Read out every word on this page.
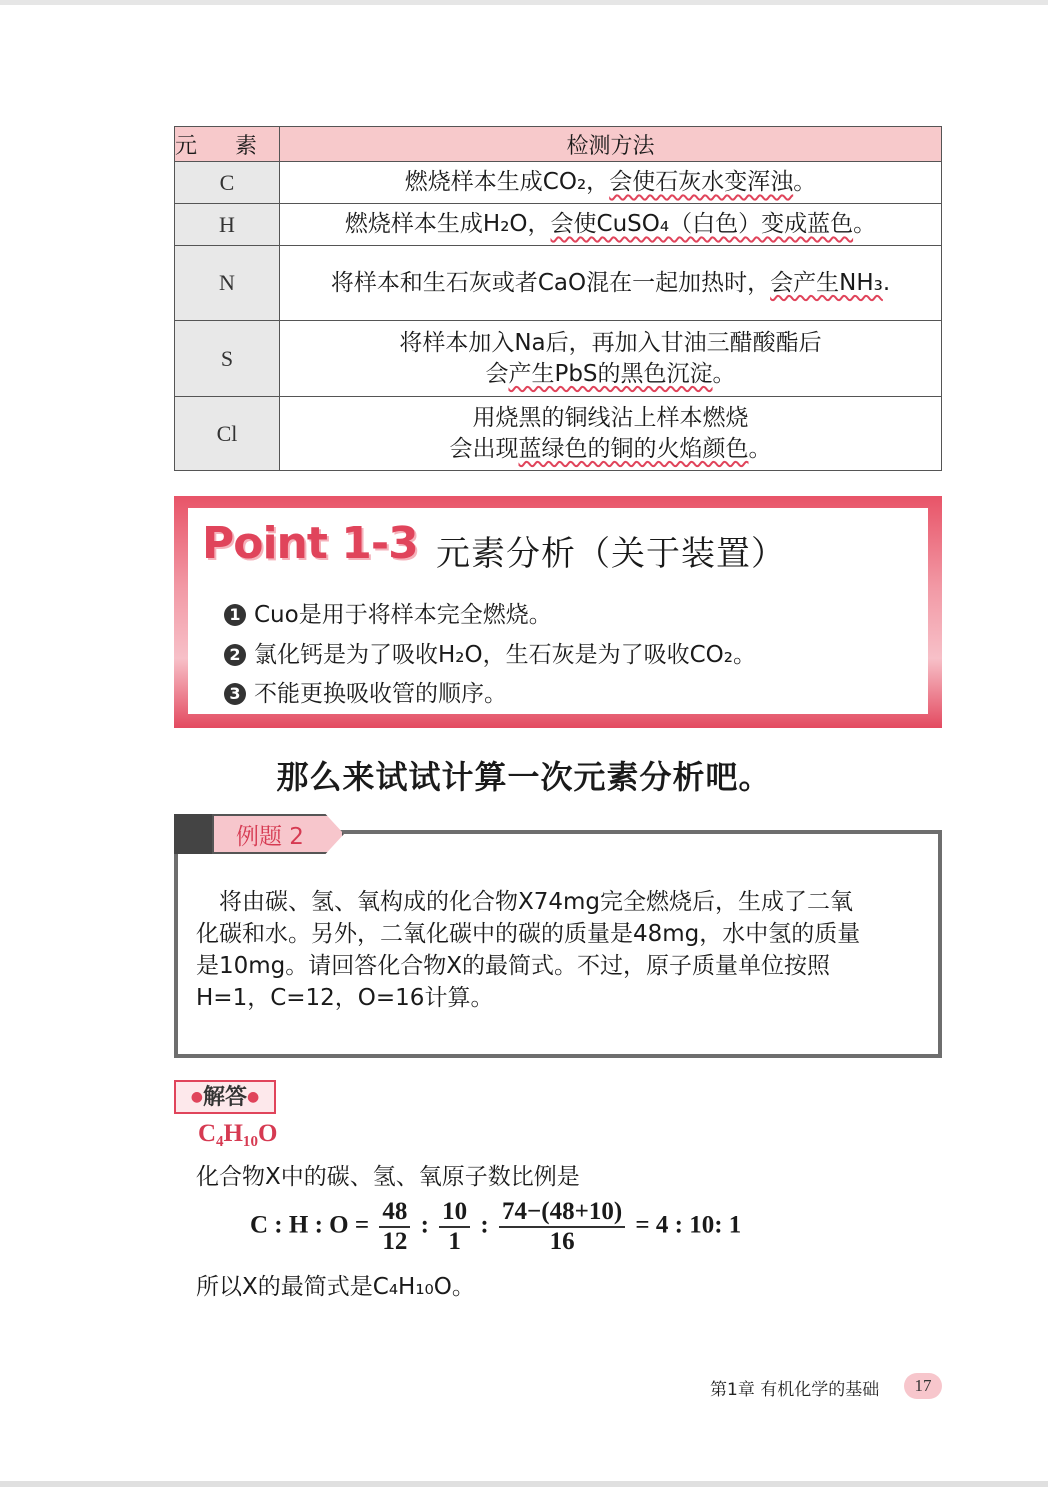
元 素	检测方法
C	燃烧样本生成CO₂，会使石灰水变浑浊。
H	燃烧样本生成H₂O，会使CuSO₄（白色）变成蓝色。
N	将样本和生石灰或者CaO混在一起加热时，会产生NH₃.
S	将样本加入Na后，再加入甘油三醋酸酯后
会产生PbS的黑色沉淀。

Cl	用烧黑的铜线沾上样本燃烧
会出现蓝绿色的铜的火焰颜色。
Point 1-3 元素分析（关于装置）
1 Cuo是用于将样本完全燃烧。
2 氯化钙是为了吸收H₂O，生石灰是为了吸收CO₂。
3 不能更换吸收管的顺序。
那么来试试计算一次元素分析吧。
例题 2

　将由碳、氢、氧构成的化合物X74mg完全燃烧后，生成了二氧

化碳和水。另外，二氧化碳中的碳的质量是48mg，水中氢的质量

是10mg。请回答化合物X的最简式。不过，原子质量单位按照

H=1，C=12，O=16计算。

●解答●
C₄H₁₀O
化合物X中的碳、氢、氧原子数比例是
C : H : $O = \frac{48}{12}$ : $\frac{10}{1}$ : $\frac{74-(48+10)}{16} = 4$ : 10: 1
所以X的最简式是C₄H₁₀O。
第1章 有机化学的基础	17
